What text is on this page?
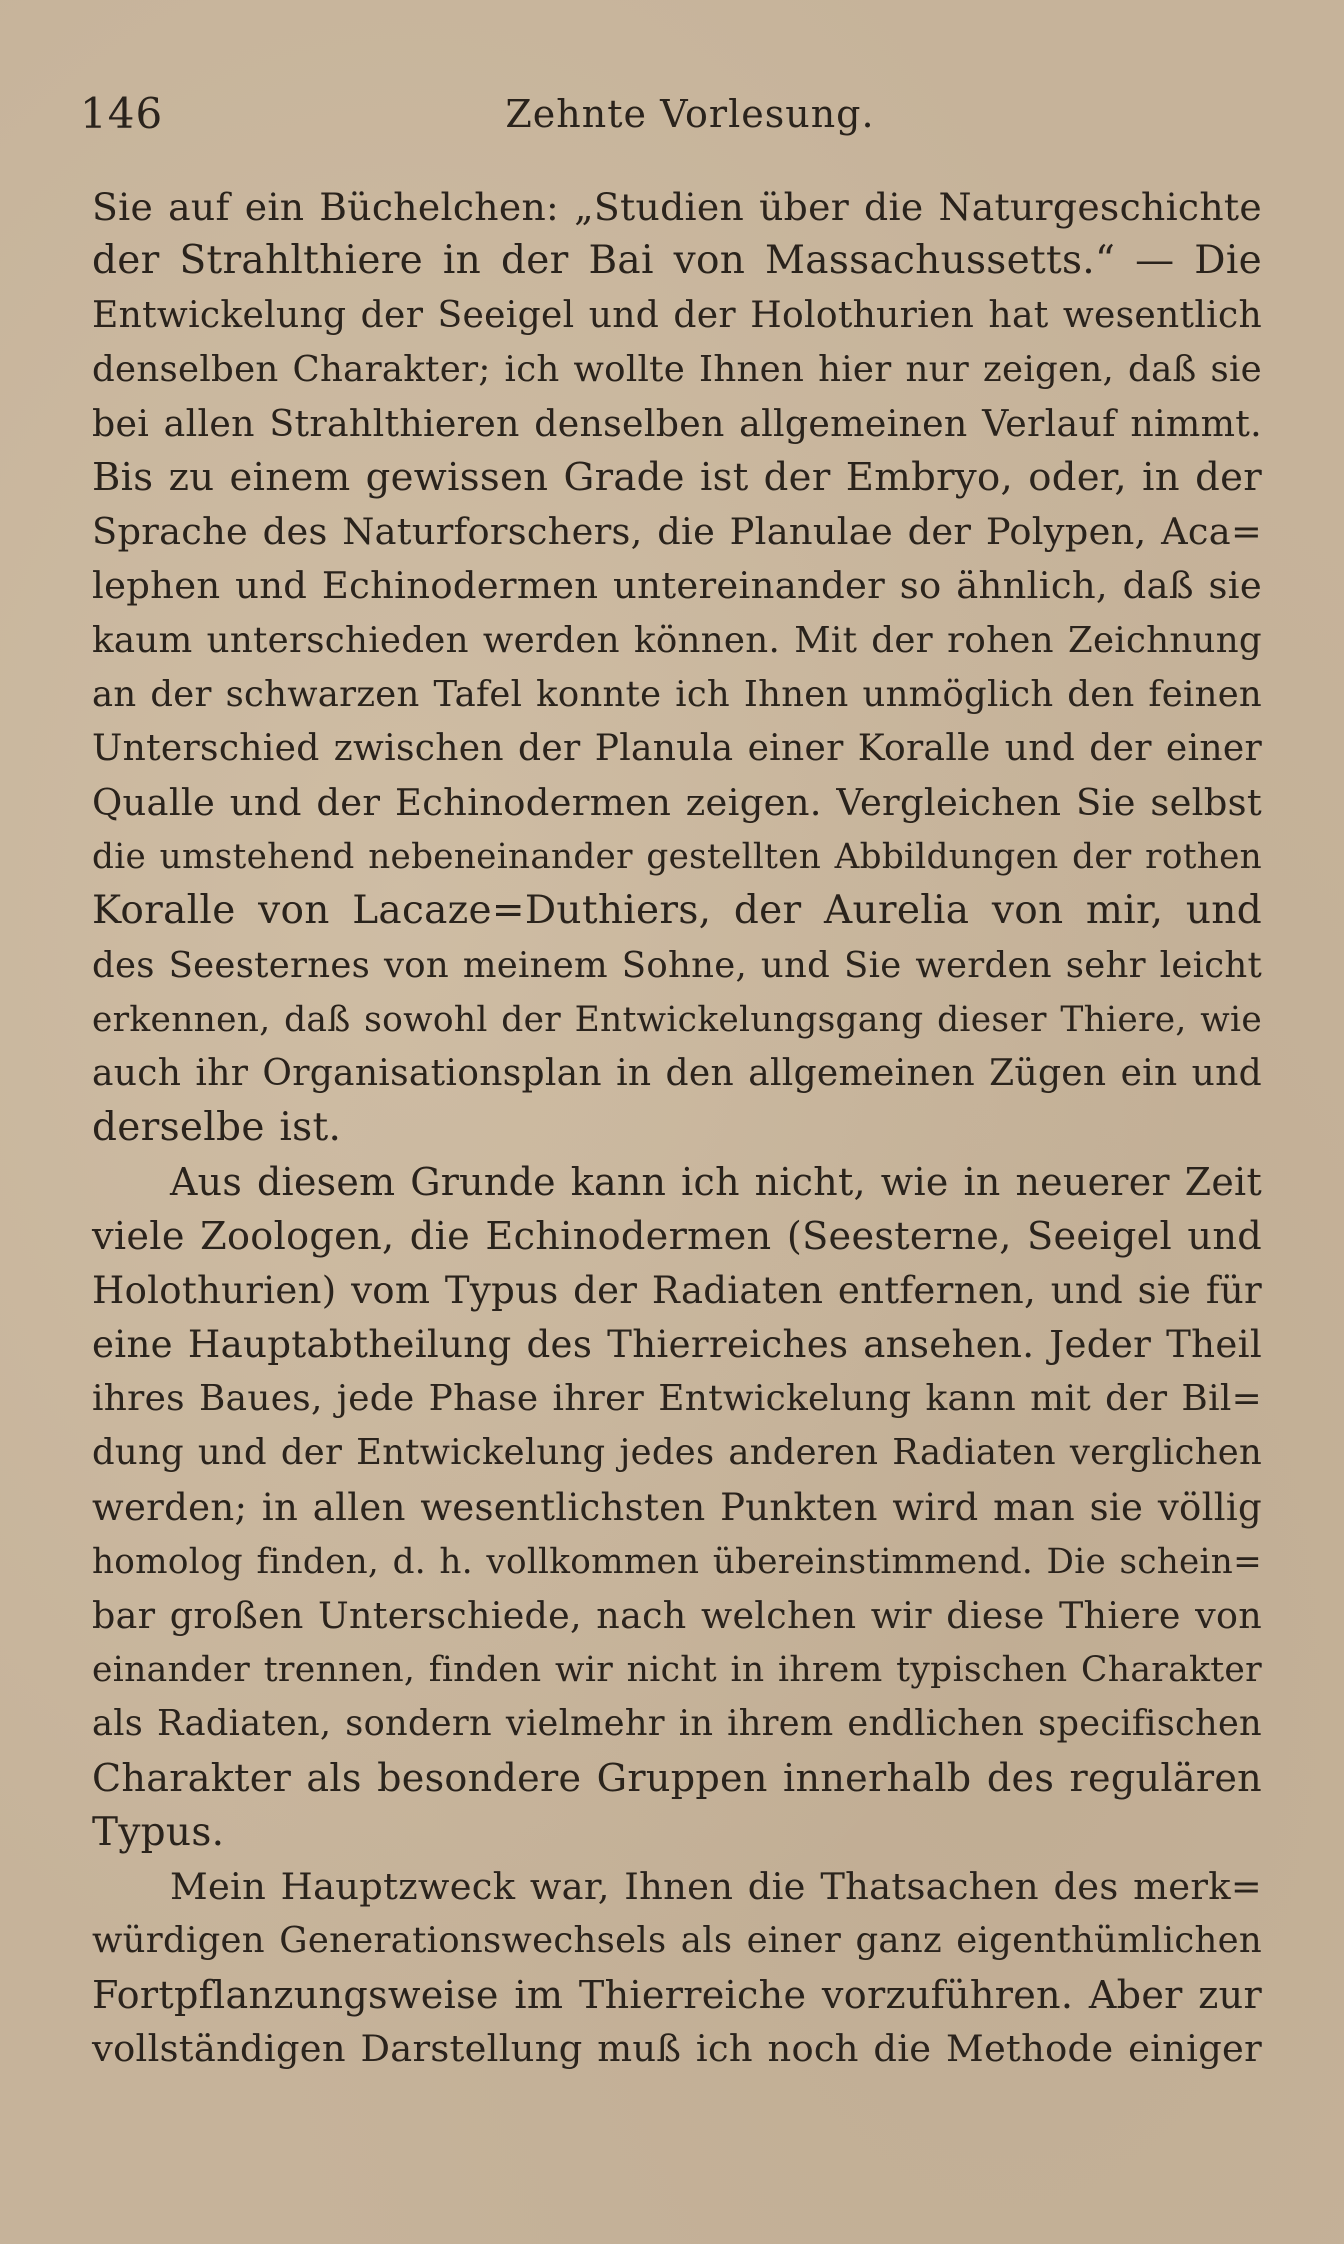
146	Zehnte Vorlesung.
Sie auf ein Büchelchen: „Studien über die Naturgeschichte
der Strahlthiere in der Bai von Massachussetts.“ — Die
Entwickelung der Seeigel und der Holothurien hat wesentlich
denselben Charakter; ich wollte Ihnen hier nur zeigen, daß sie
bei allen Strahlthieren denselben allgemeinen Verlauf nimmt.
Bis zu einem gewissen Grade ist der Embryo, oder, in der
Sprache des Naturforschers, die Planulae der Polypen, Aca=
lephen und Echinodermen untereinander so ähnlich, daß sie
kaum unterschieden werden können. Mit der rohen Zeichnung
an der schwarzen Tafel konnte ich Ihnen unmöglich den feinen
Unterschied zwischen der Planula einer Koralle und der einer
Qualle und der Echinodermen zeigen. Vergleichen Sie selbst
die umstehend nebeneinander gestellten Abbildungen der rothen
Koralle von Lacaze=Duthiers, der Aurelia von mir, und
des Seesternes von meinem Sohne, und Sie werden sehr leicht
erkennen, daß sowohl der Entwickelungsgang dieser Thiere, wie
auch ihr Organisationsplan in den allgemeinen Zügen ein und
derselbe ist.
Aus diesem Grunde kann ich nicht, wie in neuerer Zeit
viele Zoologen, die Echinodermen (Seesterne, Seeigel und
Holothurien) vom Typus der Radiaten entfernen, und sie für
eine Hauptabtheilung des Thierreiches ansehen. Jeder Theil
ihres Baues, jede Phase ihrer Entwickelung kann mit der Bil=
dung und der Entwickelung jedes anderen Radiaten verglichen
werden; in allen wesentlichsten Punkten wird man sie völlig
homolog finden, d. h. vollkommen übereinstimmend. Die schein=
bar großen Unterschiede, nach welchen wir diese Thiere von
einander trennen, finden wir nicht in ihrem typischen Charakter
als Radiaten, sondern vielmehr in ihrem endlichen specifischen
Charakter als besondere Gruppen innerhalb des regulären
Typus.
Mein Hauptzweck war, Ihnen die Thatsachen des merk=
würdigen Generationswechsels als einer ganz eigenthümlichen
Fortpflanzungsweise im Thierreiche vorzuführen. Aber zur
vollständigen Darstellung muß ich noch die Methode einiger
